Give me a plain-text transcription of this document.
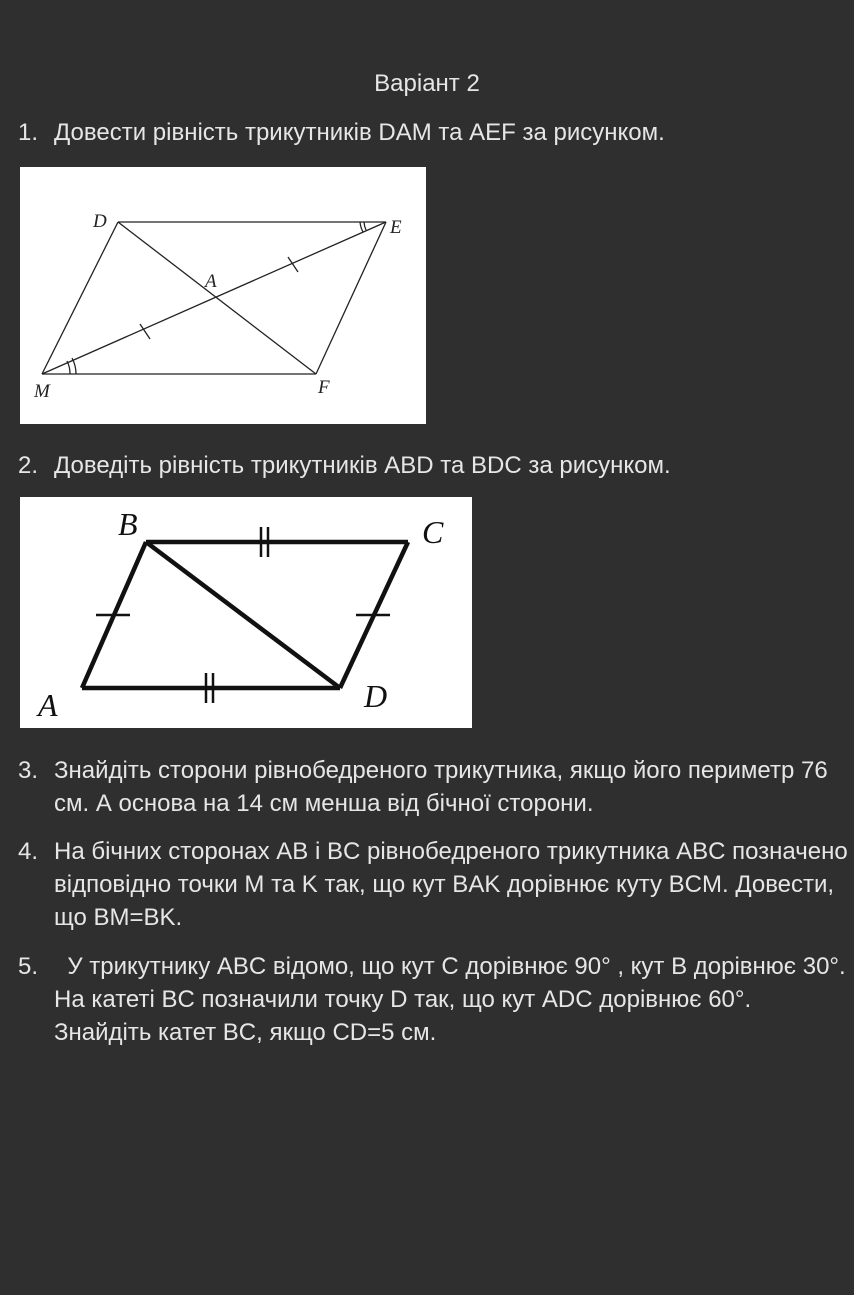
Варіант 2
1. Довести рівність трикутників DAM та AEF за рисунком.
D	E
A
M	F
2. Доведіть рівність трикутників ABD та BDC за рисунком.
B	C
A	D
3. Знайдіть сторони рівнобедреного трикутника, якщо його периметр 76 см. А основа на 14 см менша від бічної сторони.
4. На бічних сторонах AB і BC рівнобедреного трикутника ABC позначено відповідно точки M та K так, що кут BAK дорівнює куту BCM. Довести, що BM=BK.
5. У трикутнику ABC відомо, що кут C дорівнює 90° , кут B дорівнює 30°. На катеті BC позначили точку D так, що кут ADC дорівнює 60°. Знайдіть катет BC, якщо CD=5 см.
